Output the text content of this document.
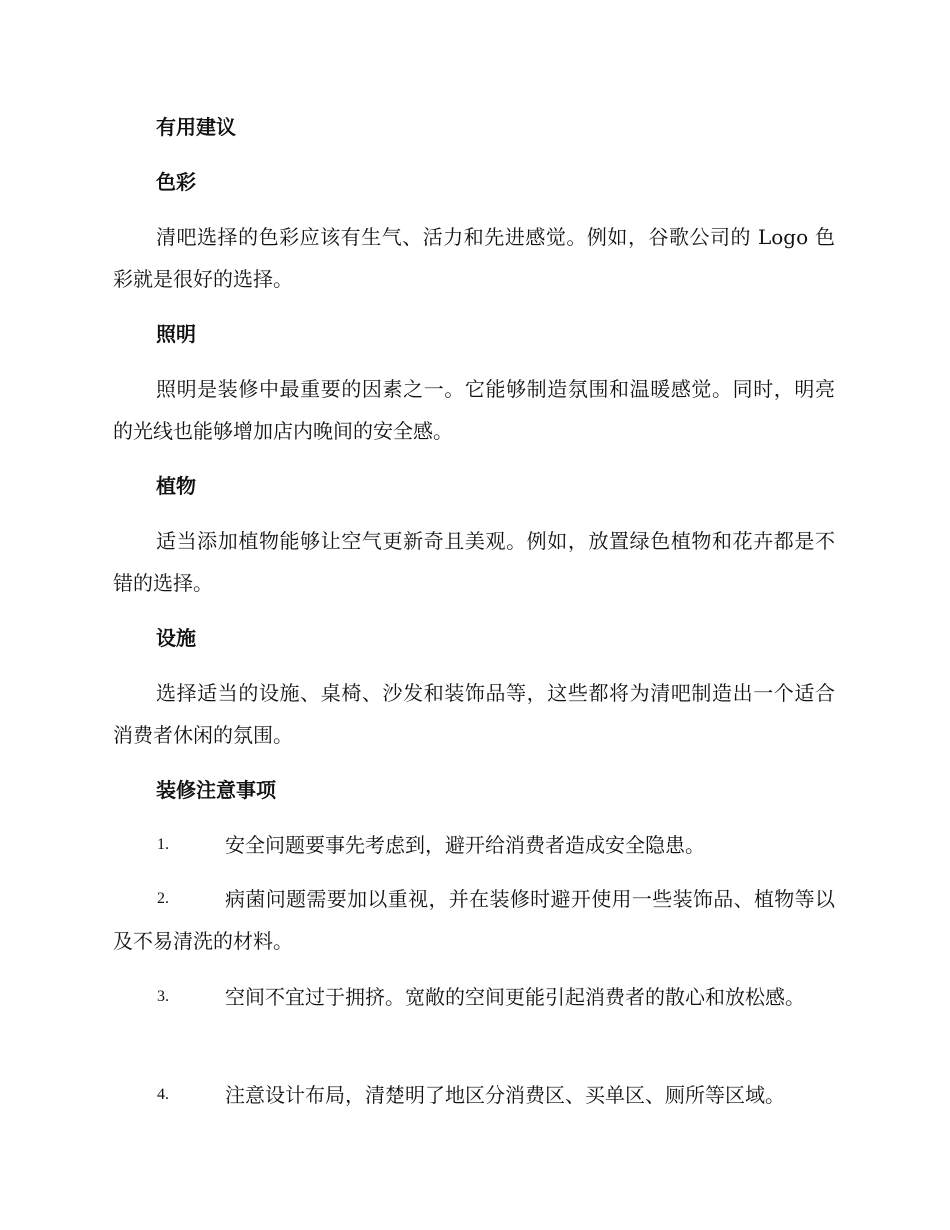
有用建议
色彩
清吧选择的色彩应该有生气、活力和先进感觉。例如，谷歌公司的 Logo 色彩就是很好的选择。
照明
照明是装修中最重要的因素之一。它能够制造氛围和温暖感觉。同时，明亮的光线也能够增加店内晚间的安全感。
植物
适当添加植物能够让空气更新奇且美观。例如，放置绿色植物和花卉都是不错的选择。
设施
选择适当的设施、桌椅、沙发和装饰品等，这些都将为清吧制造出一个适合消费者休闲的氛围。
装修注意事项
1.	安全问题要事先考虑到，避开给消费者造成安全隐患。
2.	病菌问题需要加以重视，并在装修时避开使用一些装饰品、植物等以及不易清洗的材料。
3.	空间不宜过于拥挤。宽敞的空间更能引起消费者的散心和放松感。
4.	注意设计布局，清楚明了地区分消费区、买单区、厕所等区域。
